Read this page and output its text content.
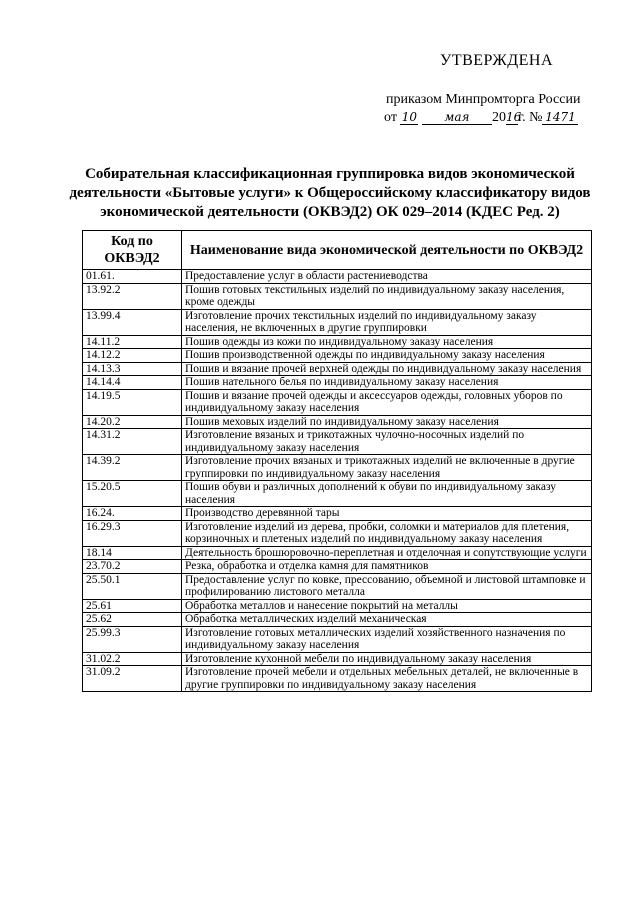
УТВЕРЖДЕНА
приказом Минпромторга России
от 10 мая 2016г. № 1471
Собирательная классификационная группировка видов экономической деятельности «Бытовые услуги» к Общероссийскому классификатору видов экономической деятельности (ОКВЭД2) ОК 029–2014 (КДЕС Ред. 2)
Код по ОКВЭД2	Наименование вида экономической деятельности по ОКВЭД2
01.61.	Предоставление услуг в области растениеводства
13.92.2	Пошив готовых текстильных изделий по индивидуальному заказу населения, кроме одежды
13.99.4	Изготовление прочих текстильных изделий по индивидуальному заказу населения, не включенных в другие группировки
14.11.2	Пошив одежды из кожи по индивидуальному заказу населения
14.12.2	Пошив производственной одежды по индивидуальному заказу населения
14.13.3	Пошив и вязание прочей верхней одежды по индивидуальному заказу населения
14.14.4	Пошив нательного белья по индивидуальному заказу населения
14.19.5	Пошив и вязание прочей одежды и аксессуаров одежды, головных уборов по индивидуальному заказу населения
14.20.2	Пошив меховых изделий по индивидуальному заказу населения
14.31.2	Изготовление вязаных и трикотажных чулочно-носочных изделий по индивидуальному заказу населения
14.39.2	Изготовление прочих вязаных и трикотажных изделий не включенные в другие группировки по индивидуальному заказу населения
15.20.5	Пошив обуви и различных дополнений к обуви по индивидуальному заказу населения
16.24.	Производство деревянной тары
16.29.3	Изготовление изделий из дерева, пробки, соломки и материалов для плетения, корзиночных и плетеных изделий по индивидуальному заказу населения
18.14	Деятельность брошюровочно-переплетная и отделочная и сопутствующие услуги
23.70.2	Резка, обработка и отделка камня для памятников
25.50.1	Предоставление услуг по ковке, прессованию, объемной и листовой штамповке и профилированию листового металла
25.61	Обработка металлов и нанесение покрытий на металлы
25.62	Обработка металлических изделий механическая
25.99.3	Изготовление готовых металлических изделий хозяйственного назначения по индивидуальному заказу населения
31.02.2	Изготовление кухонной мебели по индивидуальному заказу населения
31.09.2	Изготовление прочей мебели и отдельных мебельных деталей, не включенные в другие группировки по индивидуальному заказу населения
